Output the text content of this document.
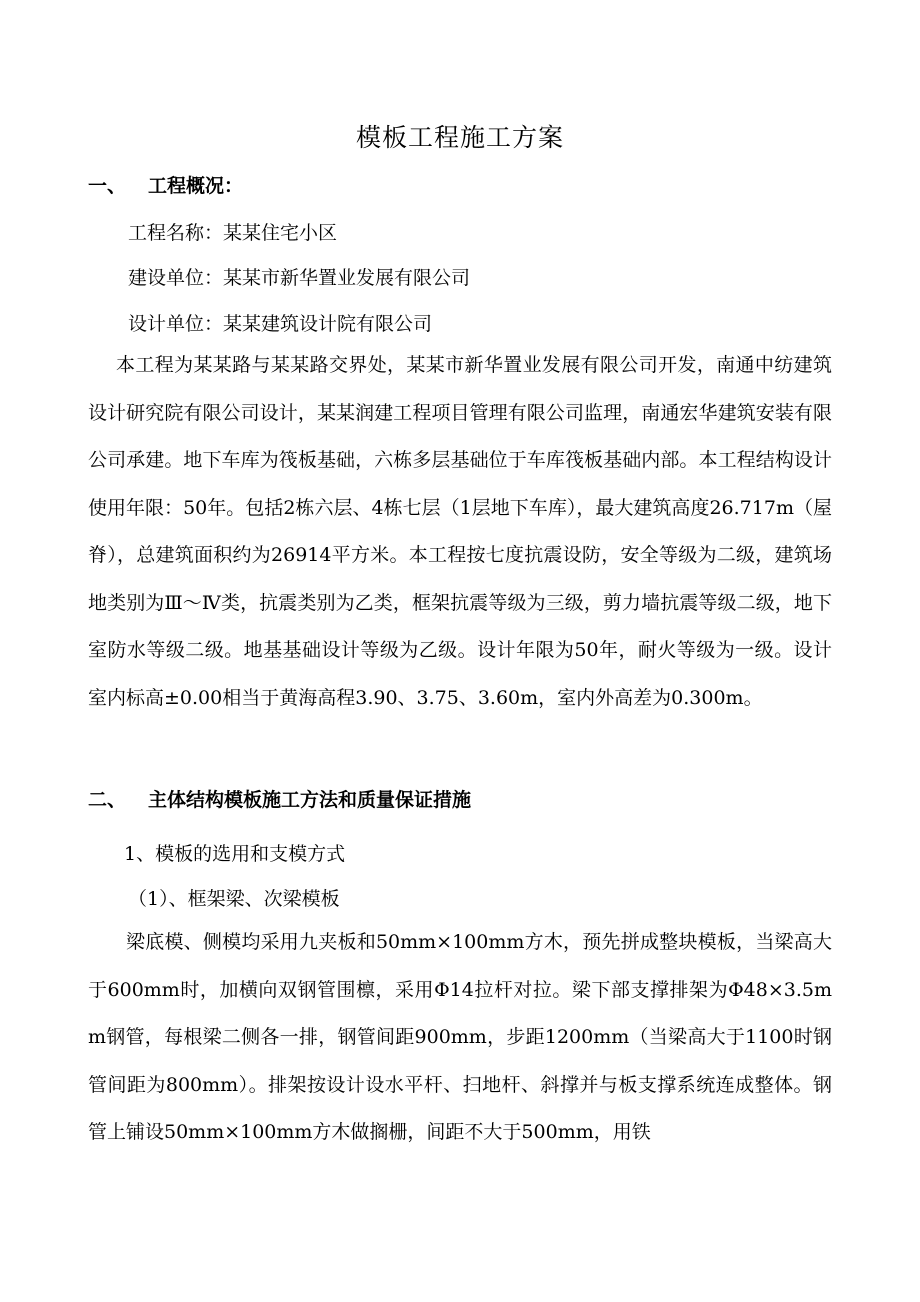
模板工程施工方案
一、 工程概况：
工程名称：某某住宅小区
建设单位：某某市新华置业发展有限公司
设计单位：某某建筑设计院有限公司
本工程为某某路与某某路交界处，某某市新华置业发展有限公司开发，南通中纺建筑设计研究院有限公司设计，某某润建工程项目管理有限公司监理，南通宏华建筑安装有限公司承建。地下车库为筏板基础，六栋多层基础位于车库筏板基础内部。本工程结构设计使用年限：50年。包括2栋六层、4栋七层（1层地下车库），最大建筑高度26.717m（屋脊），总建筑面积约为26914平方米。本工程按七度抗震设防，安全等级为二级，建筑场地类别为Ⅲ～Ⅳ类，抗震类别为乙类，框架抗震等级为三级，剪力墙抗震等级二级，地下室防水等级二级。地基基础设计等级为乙级。设计年限为50年，耐火等级为一级。设计室内标高±0.00相当于黄海高程3.90、3.75、3.60m，室内外高差为0.300m。
二、 主体结构模板施工方法和质量保证措施
1、模板的选用和支模方式
（1）、框架梁、次梁模板
梁底模、侧模均采用九夹板和50mm×100mm方木，预先拼成整块模板，当梁高大于600mm时，加横向双钢管围檩，采用Φ14拉杆对拉。梁下部支撑排架为Φ48×3.5mm钢管，每根梁二侧各一排，钢管间距900mm，步距1200mm（当梁高大于1100时钢管间距为800mm）。排架按设计设水平杆、扫地杆、斜撑并与板支撑系统连成整体。钢管上铺设50mm×100mm方木做搁栅，间距不大于500mm，用铁
